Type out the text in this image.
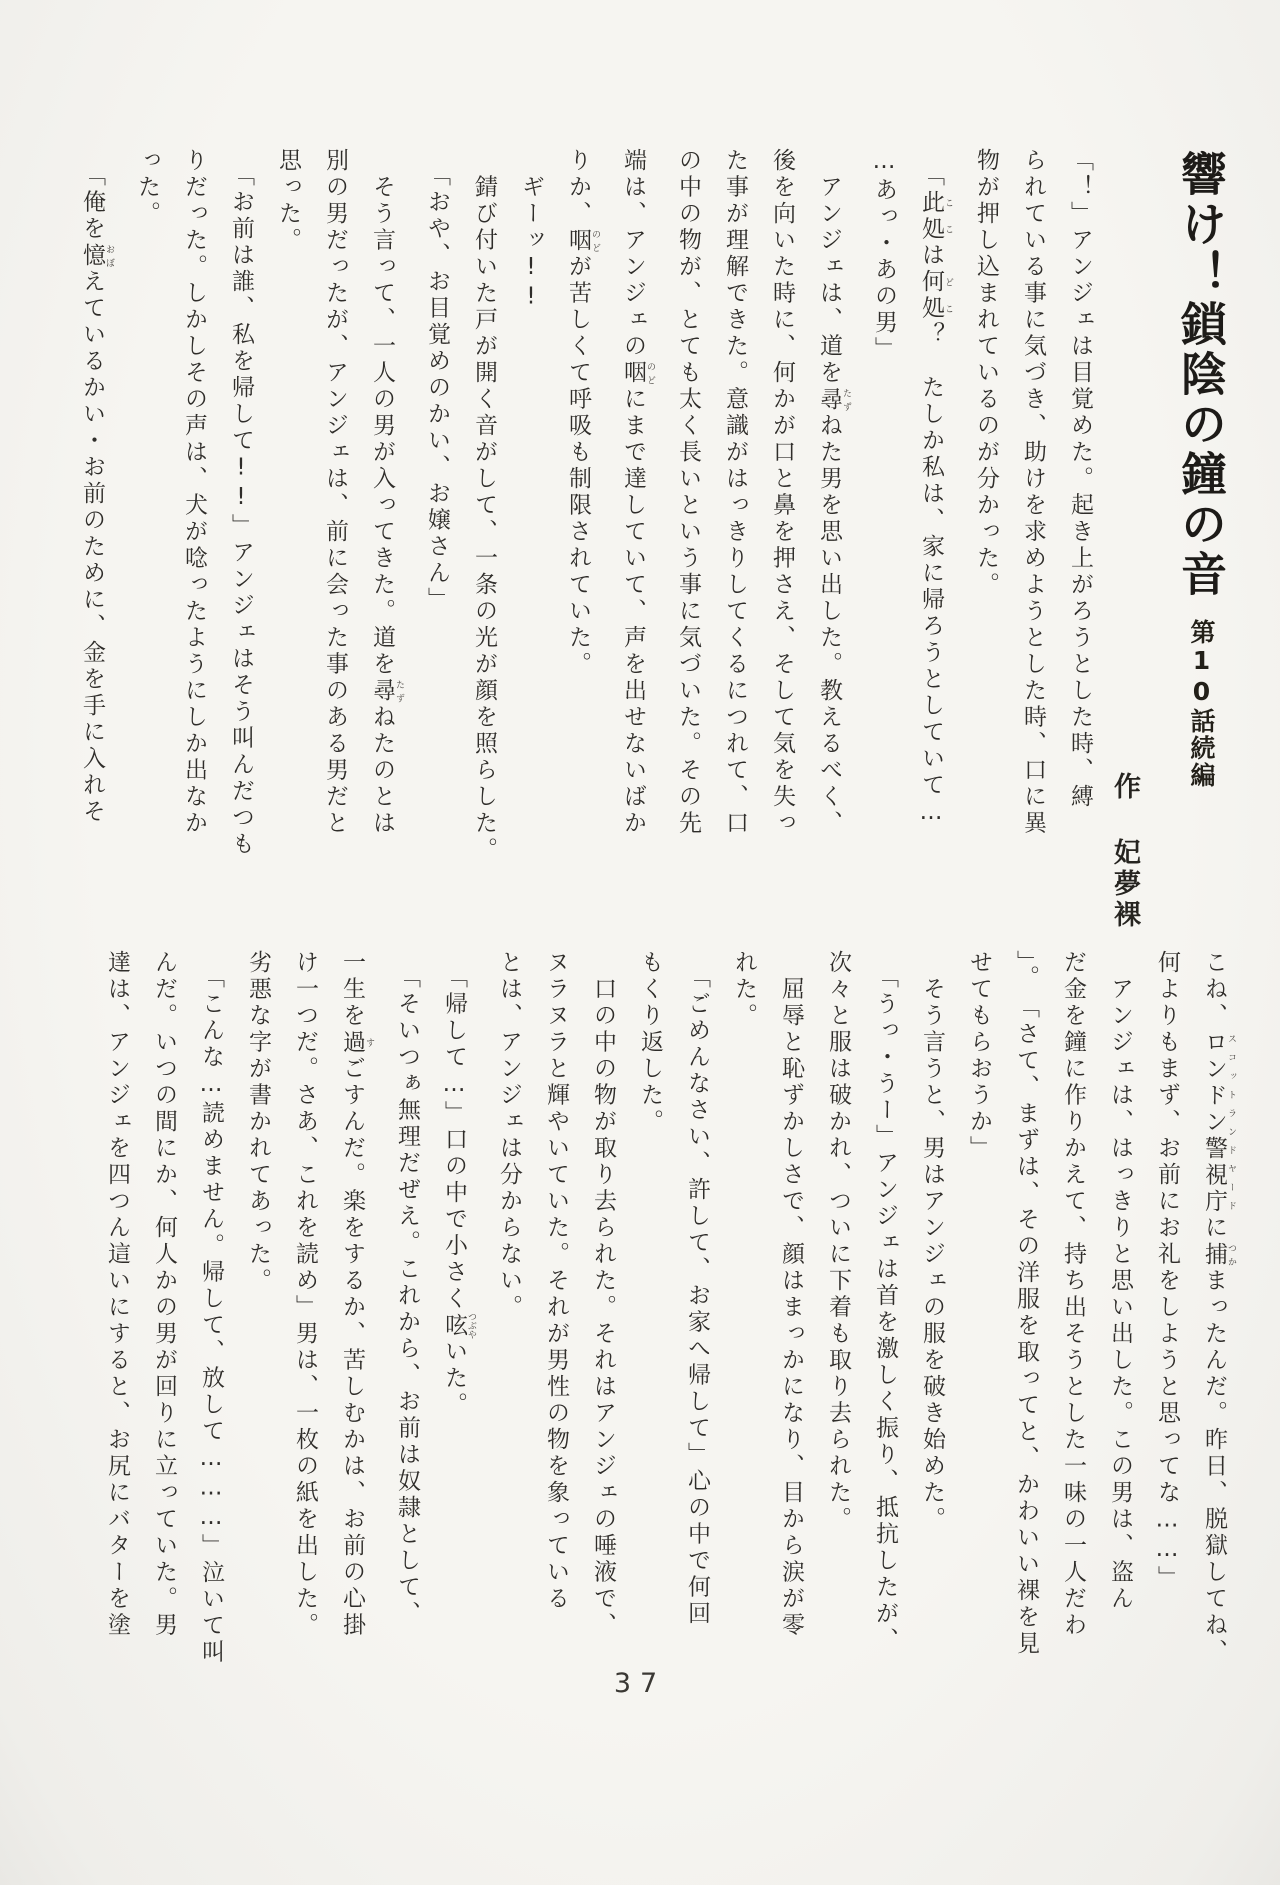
響け！鎖陰の鐘の音 第10話続編
作 妃夢裸

「！」アンジェは目覚めた。起き上がろうとした時、縛

られている事に気づき、助けを求めようとした時、口に異

物が押し込まれているのが分かった。

　「此処 ここは何処 どこ？　たしか私は、家に帰ろうとしていて…

…あっ・あの男」

　アンジェは、道を尋 たずねた男を思い出した。教えるべく、

後を向いた時に、何かが口と鼻を押さえ、そして気を失っ

た事が理解できた。意識がはっきりしてくるにつれて、口

の中の物が、とても太く長いという事に気づいた。その先

端は、アンジェの咽 のどにまで達していて、声を出せないばか

りか、咽 のどが苦しくて呼吸も制限されていた。

　ギーッ!!

　錆び付いた戸が開く音がして、一条の光が顔を照らした。

　「おや、お目覚めのかい、お嬢さん」

　そう言って、一人の男が入ってきた。道を尋 たずねたのとは

別の男だったが、アンジェは、前に会った事のある男だと

思った。

　「お前は誰、私を帰して!!」アンジェはそう叫んだつも

りだった。しかしその声は、犬が唸ったようにしか出なか

った。

　「俺を憶 おぼえているかい・お前のために、金を手に入れそ

こね、ロンドン警視庁 スコットランドヤードに捕 つかまったんだ。昨日、脱獄してね、

何よりもまず、お前にお礼をしようと思ってな……」

　アンジェは、はっきりと思い出した。この男は、盗ん

だ金を鐘に作りかえて、持ち出そうとした一味の一人だわ

」。　「さて、まずは、その洋服を取ってと、かわいい裸を見

せてもらおうか」

　そう言うと、男はアンジェの服を破き始めた。

　「うっ・うー」アンジェは首を激しく振り、抵抗したが、

次々と服は破かれ、ついに下着も取り去られた。

　屈辱と恥ずかしさで、顔はまっかになり、目から涙が零

れた。

　「ごめんなさい、許して、お家へ帰して」心の中で何回

もくり返した。

　口の中の物が取り去られた。それはアンジェの唾液で、

ヌラヌラと輝やいていた。それが男性の物を象っている

とは、アンジェは分からない。

　「帰して…」口の中で小さく呟 つぶやいた。

　「そいつぁ無理だぜえ。これから、お前は奴隷として、

一生を過 すごすんだ。楽をするか、苦しむかは、お前の心掛

け一つだ。さあ、これを読め」男は、一枚の紙を出した。

劣悪な字が書かれてあった。

　「こんな…読めません。帰して、放して………」泣いて叫

んだ。いつの間にか、何人かの男が回りに立っていた。男

達は、アンジェを四つん這いにすると、お尻にバターを塗

37
